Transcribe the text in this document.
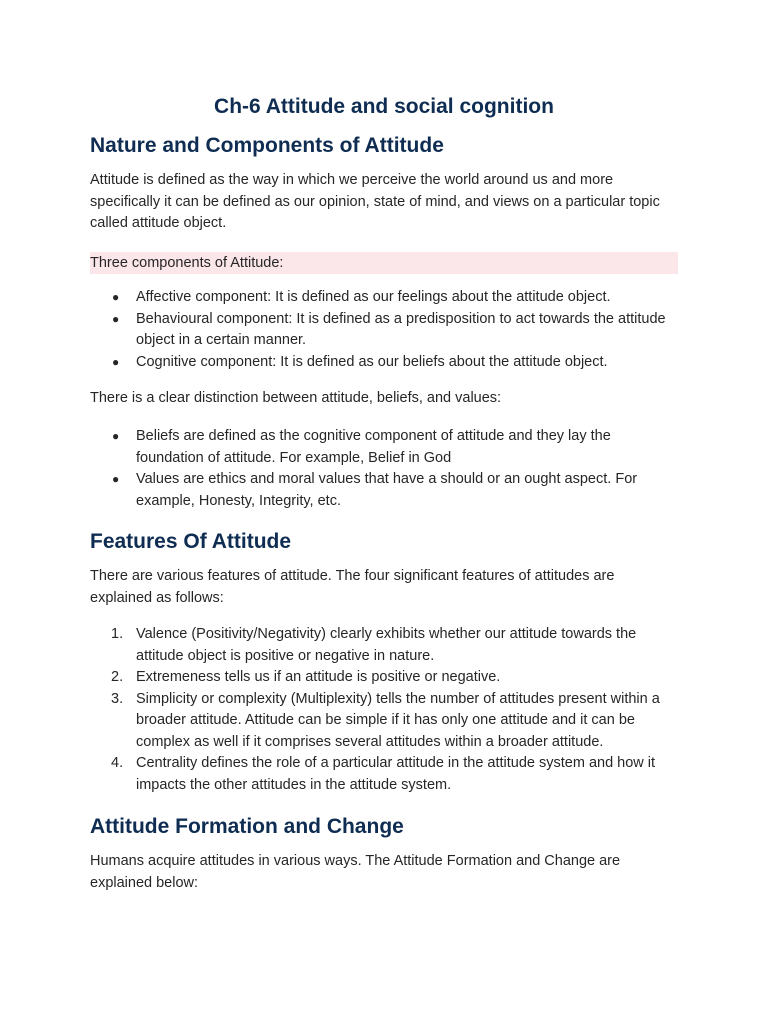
Ch-6 Attitude and social cognition
Nature and Components of Attitude

Attitude is defined as the way in which we perceive the world around us and more specifically it can be defined as our opinion, state of mind, and views on a particular topic called attitude object.

Three components of Attitude:

● Affective component: It is defined as our feelings about the attitude object.
● Behavioural component: It is defined as a predisposition to act towards the attitude object in a certain manner.
● Cognitive component: It is defined as our beliefs about the attitude object.

There is a clear distinction between attitude, beliefs, and values:

● Beliefs are defined as the cognitive component of attitude and they lay the foundation of attitude. For example, Belief in God
● Values are ethics and moral values that have a should or an ought aspect. For example, Honesty, Integrity, etc.
Features Of Attitude

There are various features of attitude. The four significant features of attitudes are explained as follows:

1. Valence (Positivity/Negativity) clearly exhibits whether our attitude towards the attitude object is positive or negative in nature.
2. Extremeness tells us if an attitude is positive or negative.
3. Simplicity or complexity (Multiplexity) tells the number of attitudes present within a broader attitude. Attitude can be simple if it has only one attitude and it can be complex as well if it comprises several attitudes within a broader attitude.
4. Centrality defines the role of a particular attitude in the attitude system and how it impacts the other attitudes in the attitude system.
Attitude Formation and Change

Humans acquire attitudes in various ways. The Attitude Formation and Change are explained below:
